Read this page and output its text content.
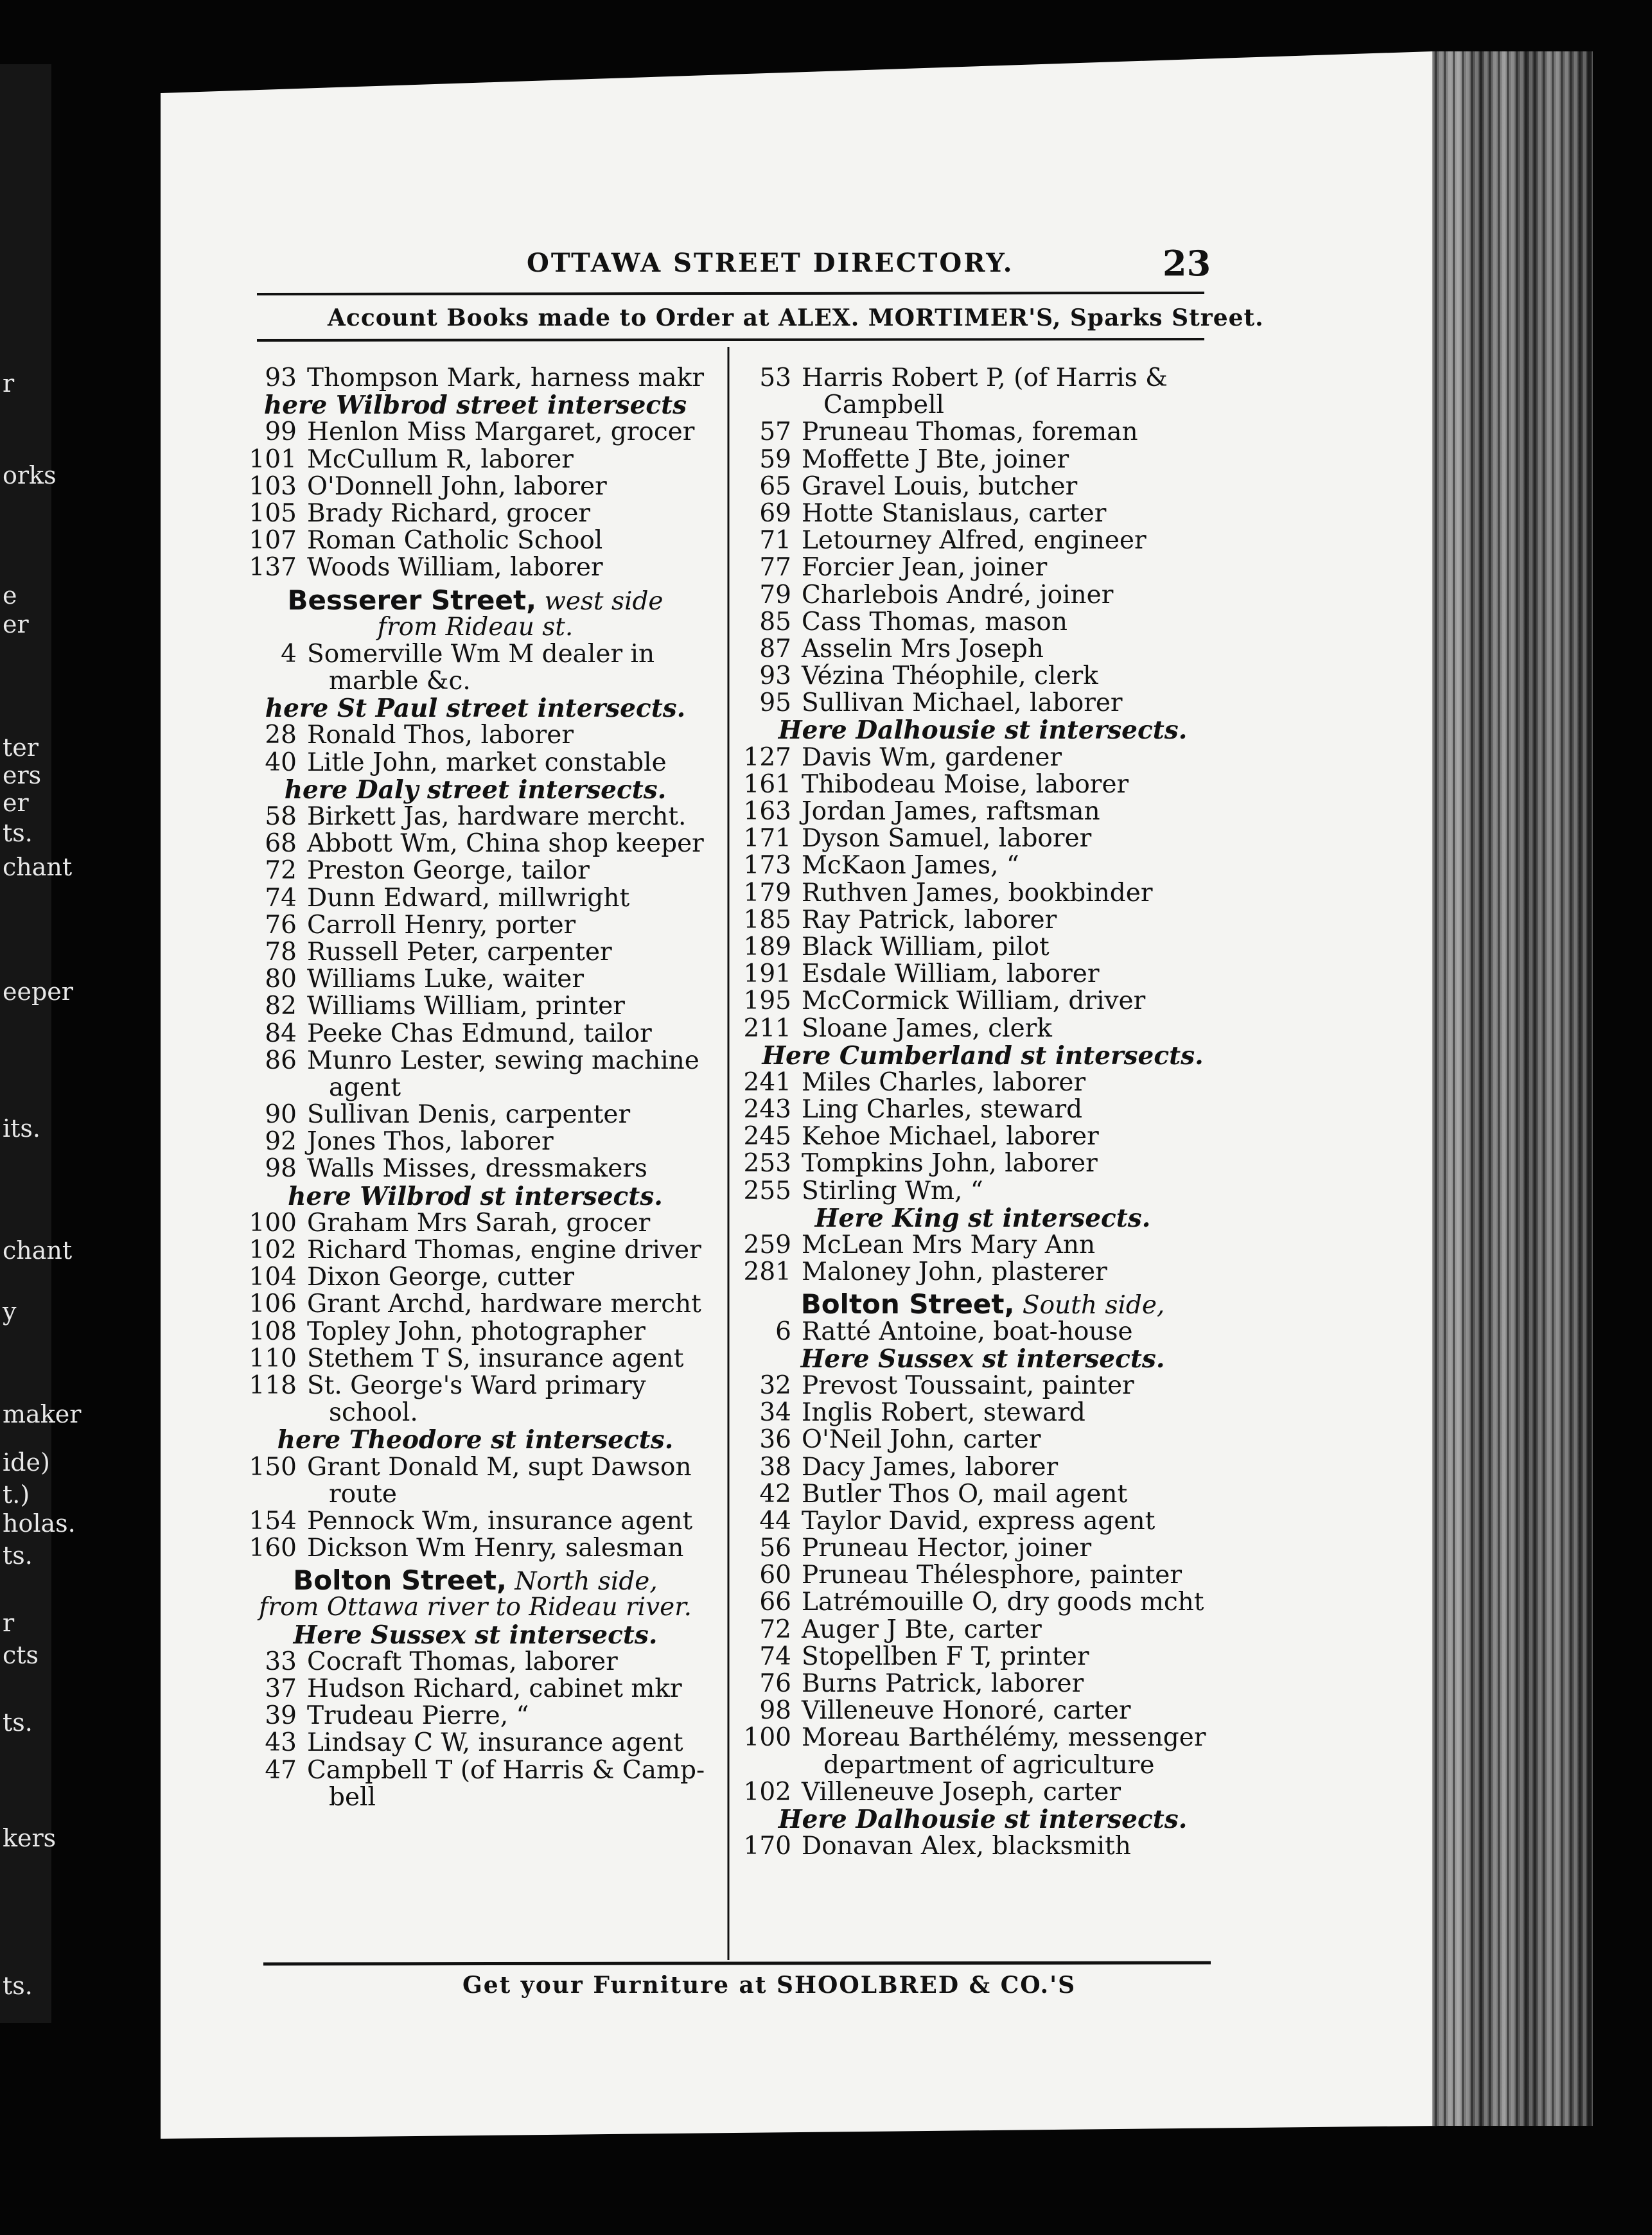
r
orks
e
er
ter
ers
er
ts.
chant
eeper
its.
chant
y
maker
ide)
t.)
holas.
ts.
r
cts
ts.
kers
ts.
OTTAWA STREET DIRECTORY.	23
Account Books made to Order at ALEX. MORTIMER'S, Sparks Street.
93 Thompson Mark, harness makr
here Wilbrod street intersects
99 Henlon Miss Margaret, grocer
101 McCullum R, laborer
103 O'Donnell John, laborer
105 Brady Richard, grocer
107 Roman Catholic School
137 Woods William, laborer
Besserer Street, west side
from Rideau st.
4 Somerville Wm M dealer in
marble &c.
here St Paul street intersects.
28 Ronald Thos, laborer
40 Litle John, market constable
here Daly street intersects.
58 Birkett Jas, hardware mercht.
68 Abbott Wm, China shop keeper
72 Preston George, tailor
74 Dunn Edward, millwright
76 Carroll Henry, porter
78 Russell Peter, carpenter
80 Williams Luke, waiter
82 Williams William, printer
84 Peeke Chas Edmund, tailor
86 Munro Lester, sewing machine
agent
90 Sullivan Denis, carpenter
92 Jones Thos, laborer
98 Walls Misses, dressmakers
here Wilbrod st intersects.
100 Graham Mrs Sarah, grocer
102 Richard Thomas, engine driver
104 Dixon George, cutter
106 Grant Archd, hardware mercht
108 Topley John, photographer
110 Stethem T S, insurance agent
118 St. George's Ward primary
school.
here Theodore st intersects.
150 Grant Donald M, supt Dawson
route
154 Pennock Wm, insurance agent
160 Dickson Wm Henry, salesman
Bolton Street, North side,
from Ottawa river to Rideau river.
Here Sussex st intersects.
33 Cocraft Thomas, laborer
37 Hudson Richard, cabinet mkr
39 Trudeau Pierre, “
43 Lindsay C W, insurance agent
47 Campbell T (of Harris & Camp-
bell
53 Harris Robert P, (of Harris &
Campbell
57 Pruneau Thomas, foreman
59 Moffette J Bte, joiner
65 Gravel Louis, butcher
69 Hotte Stanislaus, carter
71 Letourney Alfred, engineer
77 Forcier Jean, joiner
79 Charlebois André, joiner
85 Cass Thomas, mason
87 Asselin Mrs Joseph
93 Vézina Théophile, clerk
95 Sullivan Michael, laborer
Here Dalhousie st intersects.
127 Davis Wm, gardener
161 Thibodeau Moise, laborer
163 Jordan James, raftsman
171 Dyson Samuel, laborer
173 McKaon James, “
179 Ruthven James, bookbinder
185 Ray Patrick, laborer
189 Black William, pilot
191 Esdale William, laborer
195 McCormick William, driver
211 Sloane James, clerk
Here Cumberland st intersects.
241 Miles Charles, laborer
243 Ling Charles, steward
245 Kehoe Michael, laborer
253 Tompkins John, laborer
255 Stirling Wm, “
Here King st intersects.
259 McLean Mrs Mary Ann
281 Maloney John, plasterer
Bolton Street, South side,
6 Ratté Antoine, boat-house
Here Sussex st intersects.
32 Prevost Toussaint, painter
34 Inglis Robert, steward
36 O'Neil John, carter
38 Dacy James, laborer
42 Butler Thos O, mail agent
44 Taylor David, express agent
56 Pruneau Hector, joiner
60 Pruneau Thélesphore, painter
66 Latrémouille O, dry goods mcht
72 Auger J Bte, carter
74 Stopellben F T, printer
76 Burns Patrick, laborer
98 Villeneuve Honoré, carter
100 Moreau Barthélémy, messenger
department of agriculture
102 Villeneuve Joseph, carter
Here Dalhousie st intersects.
170 Donavan Alex, blacksmith
Get your Furniture at SHOOLBRED & CO.'S
